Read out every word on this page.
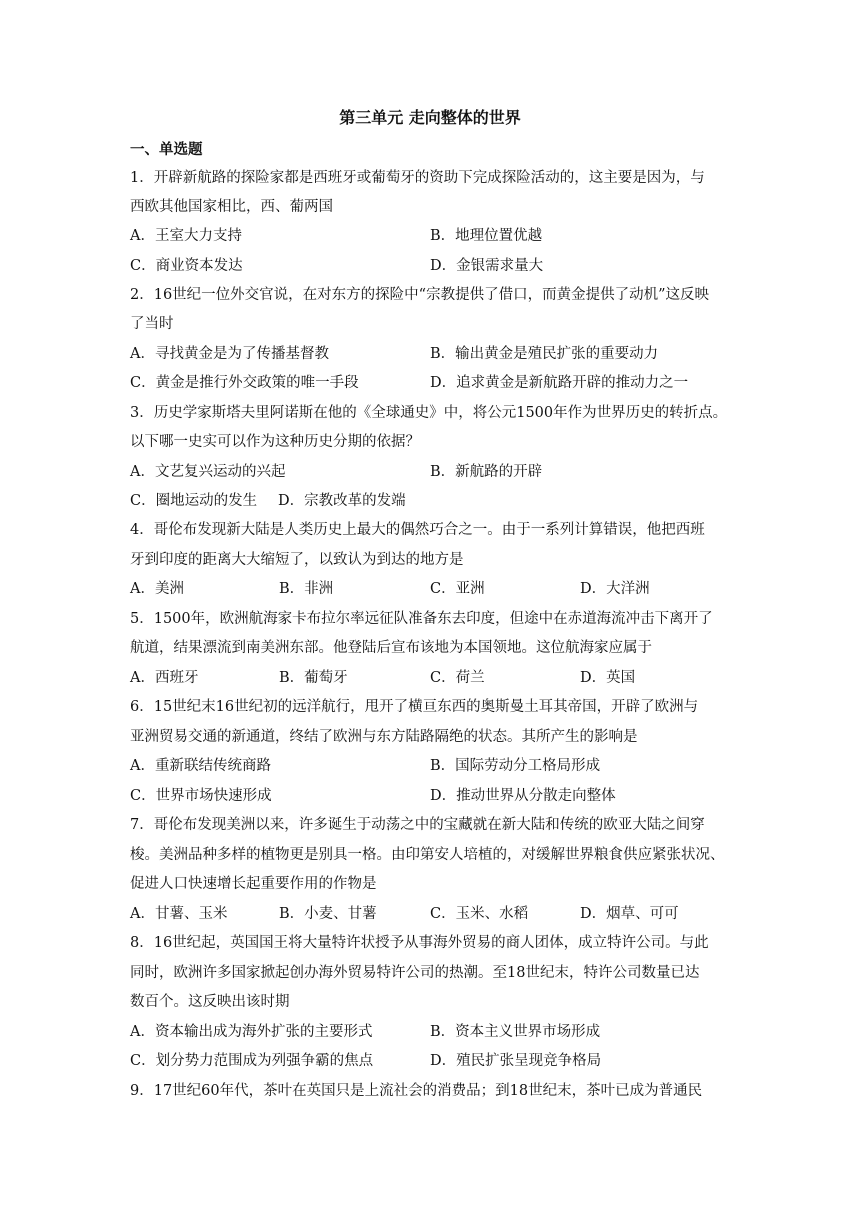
第三单元 走向整体的世界
一、单选题
1．开辟新航路的探险家都是西班牙或葡萄牙的资助下完成探险活动的，这主要是因为，与
西欧其他国家相比，西、葡两国
A．王室大力支持	B．地理位置优越
C．商业资本发达	D．金银需求量大
2．16世纪一位外交官说，在对东方的探险中“宗教提供了借口，而黄金提供了动机”这反映
了当时
A．寻找黄金是为了传播基督教	B．输出黄金是殖民扩张的重要动力
C．黄金是推行外交政策的唯一手段	D．追求黄金是新航路开辟的推动力之一
3．历史学家斯塔夫里阿诺斯在他的《全球通史》中，将公元1500年作为世界历史的转折点。
以下哪一史实可以作为这种历史分期的依据？
A．文艺复兴运动的兴起	B．新航路的开辟
C．圈地运动的发生 D．宗教改革的发端
4．哥伦布发现新大陆是人类历史上最大的偶然巧合之一。由于一系列计算错误，他把西班
牙到印度的距离大大缩短了，以致认为到达的地方是
A．美洲	B．非洲	C．亚洲	D．大洋洲
5．1500年，欧洲航海家卡布拉尔率远征队准备东去印度，但途中在赤道海流冲击下离开了
航道，结果漂流到南美洲东部。他登陆后宣布该地为本国领地。这位航海家应属于
A．西班牙	B．葡萄牙	C．荷兰	D．英国
6．15世纪末16世纪初的远洋航行，甩开了横亘东西的奥斯曼土耳其帝国，开辟了欧洲与
亚洲贸易交通的新通道，终结了欧洲与东方陆路隔绝的状态。其所产生的影响是
A．重新联结传统商路	B．国际劳动分工格局形成
C．世界市场快速形成	D．推动世界从分散走向整体
7．哥伦布发现美洲以来，许多诞生于动荡之中的宝藏就在新大陆和传统的欧亚大陆之间穿
梭。美洲品种多样的植物更是别具一格。由印第安人培植的，对缓解世界粮食供应紧张状况、
促进人口快速增长起重要作用的作物是
A．甘薯、玉米	B．小麦、甘薯	C．玉米、水稻	D．烟草、可可
8．16世纪起，英国国王将大量特许状授予从事海外贸易的商人团体，成立特许公司。与此
同时，欧洲许多国家掀起创办海外贸易特许公司的热潮。至18世纪末，特许公司数量已达
数百个。这反映出该时期
A．资本输出成为海外扩张的主要形式	B．资本主义世界市场形成
C．划分势力范围成为列强争霸的焦点	D．殖民扩张呈现竞争格局
9．17世纪60年代，茶叶在英国只是上流社会的消费品；到18世纪末，茶叶已成为普通民
